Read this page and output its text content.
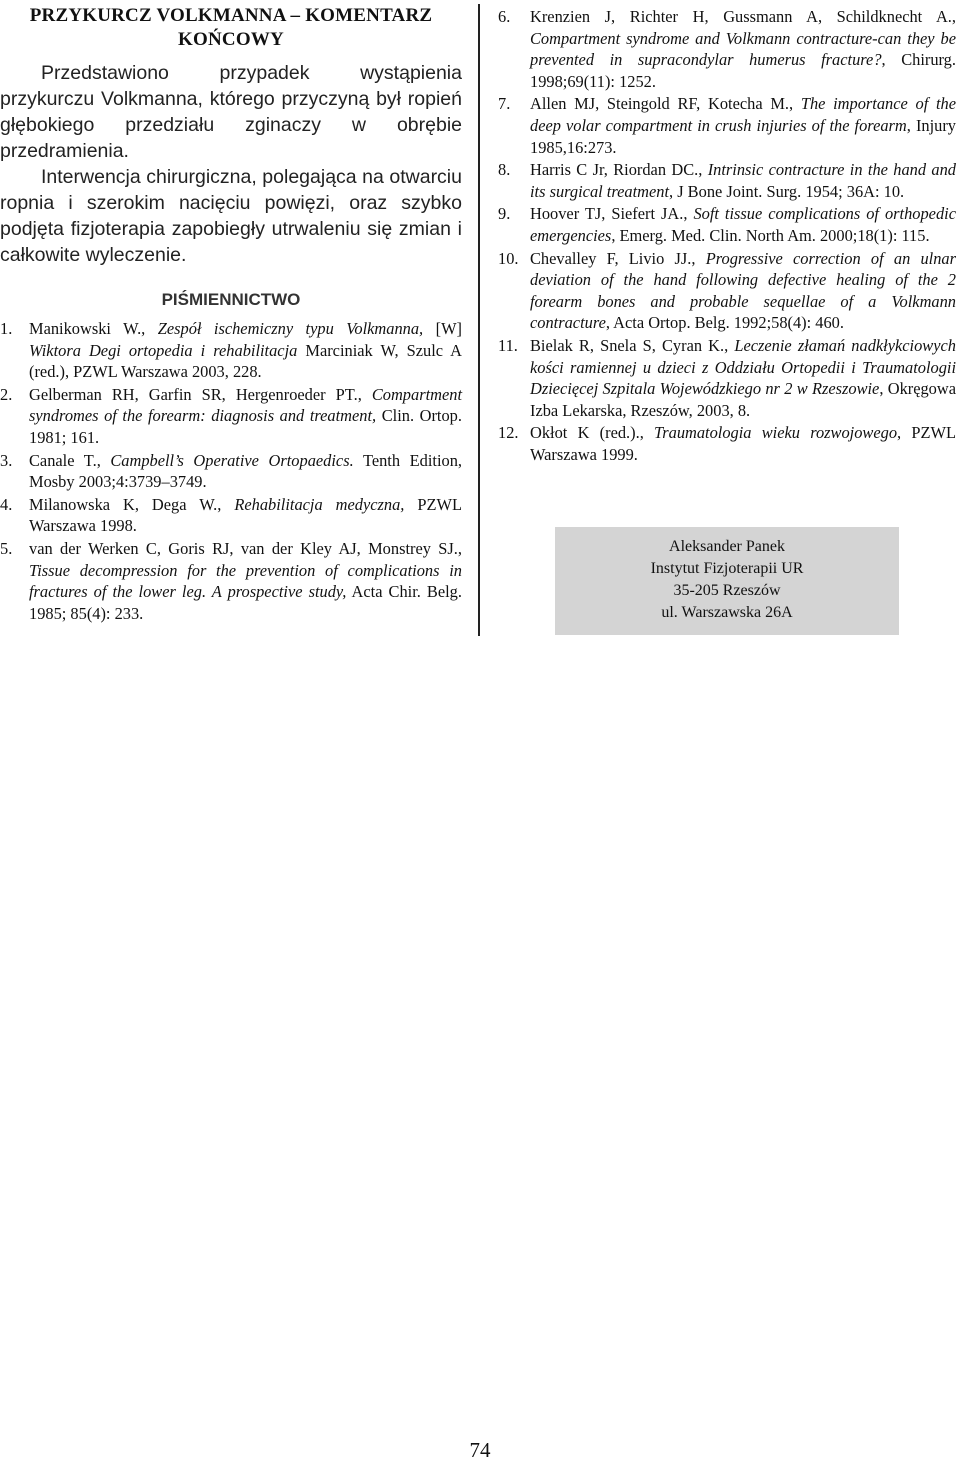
PRZYKURCZ VOLKMANNA – KOMENTARZ KOŃCOWY

Przedstawiono przypadek wystąpienia przykurczu Volkmanna, którego przyczyną był ropień głębokiego przedziału zginaczy w obrębie przedramienia.

Interwencja chirurgiczna, polegająca na otwarciu ropnia i szerokim nacięciu powięzi, oraz szybko podjęta fizjoterapia zapobiegły utrwaleniu się zmian i całkowite wyleczenie.

PIŚMIENNICTWO
1. Manikowski W., Zespół ischemiczny typu Volkmanna, [W] Wiktora Degi ortopedia i rehabilitacja Marciniak W, Szulc A (red.), PZWL Warszawa 2003, 228.
2. Gelberman RH, Garfin SR, Hergenroeder PT., Compartment syndromes of the forearm: diagnosis and treatment, Clin. Ortop. 1981; 161.
3. Canale T., Campbell’s Operative Ortopaedics. Tenth Edition, Mosby 2003;4:3739–3749.
4. Milanowska K, Dega W., Rehabilitacja medyczna, PZWL Warszawa 1998.
5. van der Werken C, Goris RJ, van der Kley AJ, Monstrey SJ., Tissue decompression for the prevention of complications in fractures of the lower leg. A prospective study, Acta Chir. Belg. 1985; 85(4): 233.
6. Krenzien J, Richter H, Gussmann A, Schildknecht A., Compartment syndrome and Volkmann contracture-can they be prevented in supracondylar humerus fracture?, Chirurg. 1998;69(11): 1252.
7. Allen MJ, Steingold RF, Kotecha M., The importance of the deep volar compartment in crush injuries of the forearm, Injury 1985,16:273.
8. Harris C Jr, Riordan DC., Intrinsic contracture in the hand and its surgical treatment, J Bone Joint. Surg. 1954; 36A: 10.
9. Hoover TJ, Siefert JA., Soft tissue complications of orthopedic emergencies, Emerg. Med. Clin. North Am. 2000;18(1): 115.
10. Chevalley F, Livio JJ., Progressive correction of an ulnar deviation of the hand following defective healing of the 2 forearm bones and probable sequellae of a Volkmann contracture, Acta Ortop. Belg. 1992;58(4): 460.
11. Bielak R, Snela S, Cyran K., Leczenie złamań nadkłykciowych kości ramiennej u dzieci z Oddziału Ortopedii i Traumatologii Dziecięcej Szpitala Wojewódzkiego nr 2 w Rzeszowie, Okręgowa Izba Lekarska, Rzeszów, 2003, 8.
12. Okłot K (red.)., Traumatologia wieku rozwojowego, PZWL Warszawa 1999.
Aleksander Panek
Instytut Fizjoterapii UR
35-205 Rzeszów
ul. Warszawska 26A
74
